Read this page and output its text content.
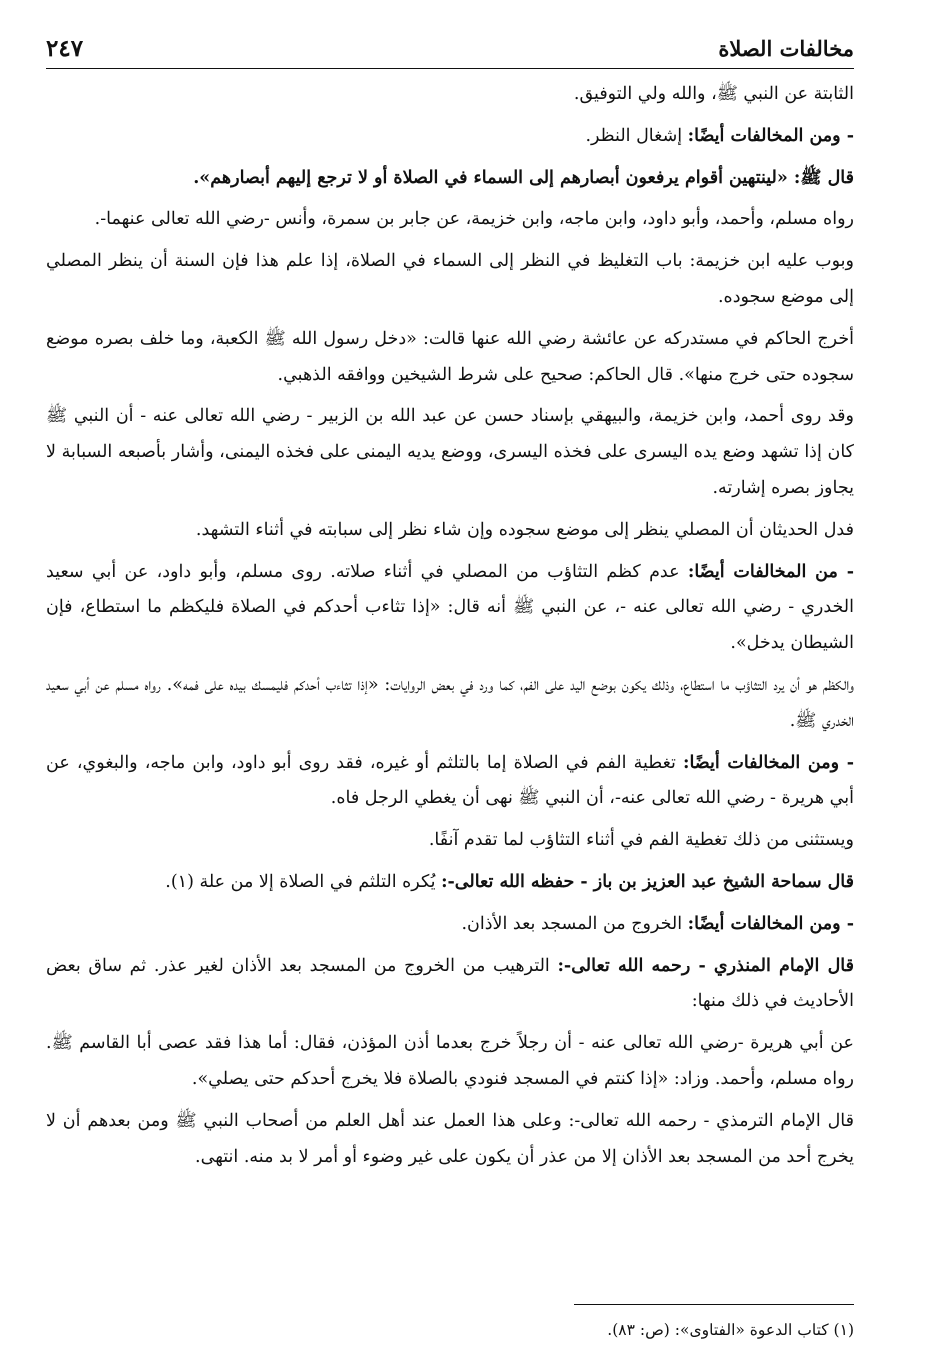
مخالفات الصلاة
٢٤٧

الثابتة عن النبي ﷺ، والله ولي التوفيق.

- ومن المخالفات أيضًا: إشغال النظر.

قال ﷺ: «لينتهين أقوام يرفعون أبصارهم إلى السماء في الصلاة أو لا ترجع إليهم أبصارهم».

رواه مسلم، وأحمد، وأبو داود، وابن ماجه، وابن خزيمة، عن جابر بن سمرة، وأنس -رضي الله تعالى عنهما-.

وبوب عليه ابن خزيمة: باب التغليظ في النظر إلى السماء في الصلاة، إذا علم هذا فإن السنة أن ينظر المصلي إلى موضع سجوده.

أخرج الحاكم في مستدركه عن عائشة رضي الله عنها قالت: «دخل رسول الله ﷺ الكعبة، وما خلف بصره موضع سجوده حتى خرج منها». قال الحاكم: صحيح على شرط الشيخين ووافقه الذهبي.

وقد روى أحمد، وابن خزيمة، والبيهقي بإسناد حسن عن عبد الله بن الزبير - رضي الله تعالى عنه - أن النبي ﷺ كان إذا تشهد وضع يده اليسرى على فخذه اليسرى، ووضع يديه اليمنى على فخذه اليمنى، وأشار بأصبعه السبابة لا يجاوز بصره إشارته.

فدل الحديثان أن المصلي ينظر إلى موضع سجوده وإن شاء نظر إلى سبابته في أثناء التشهد.

- من المخالفات أيضًا: عدم كظم التثاؤب من المصلي في أثناء صلاته. روى مسلم، وأبو داود، عن أبي سعيد الخدري - رضي الله تعالى عنه -، عن النبي ﷺ أنه قال: «إذا تثاءب أحدكم في الصلاة فليكظم ما استطاع، فإن الشيطان يدخل».

والكظم هو أن يرد التثاؤب ما استطاع، وذلك يكون بوضع اليد على الفم، كما ورد في بعض الروايات: «إذا تثاءب أحدكم فليمسك بيده على فمه». رواه مسلم عن أبي سعيد الخدري ﷺ.

- ومن المخالفات أيضًا: تغطية الفم في الصلاة إما بالتلثم أو غيره، فقد روى أبو داود، وابن ماجه، والبغوي، عن أبي هريرة - رضي الله تعالى عنه-، أن النبي ﷺ نهى أن يغطي الرجل فاه.

ويستثنى من ذلك تغطية الفم في أثناء التثاؤب لما تقدم آنفًا.

قال سماحة الشيخ عبد العزيز بن باز - حفظه الله تعالى-: يُكره التلثم في الصلاة إلا من علة (١).

- ومن المخالفات أيضًا: الخروج من المسجد بعد الأذان.

قال الإمام المنذري - رحمه الله تعالى-: الترهيب من الخروج من المسجد بعد الأذان لغير عذر. ثم ساق بعض الأحاديث في ذلك منها:

عن أبي هريرة -رضي الله تعالى عنه - أن رجلاً خرج بعدما أذن المؤذن، فقال: أما هذا فقد عصى أبا القاسم ﷺ. رواه مسلم، وأحمد. وزاد: «إذا كنتم في المسجد فنودي بالصلاة فلا يخرج أحدكم حتى يصلي».

قال الإمام الترمذي - رحمه الله تعالى-: وعلى هذا العمل عند أهل العلم من أصحاب النبي ﷺ ومن بعدهم أن لا يخرج أحد من المسجد بعد الأذان إلا من عذر أن يكون على غير وضوء أو أمر لا بد منه. انتهى.

(١) كتاب الدعوة «الفتاوى»: (ص: ٨٣).
